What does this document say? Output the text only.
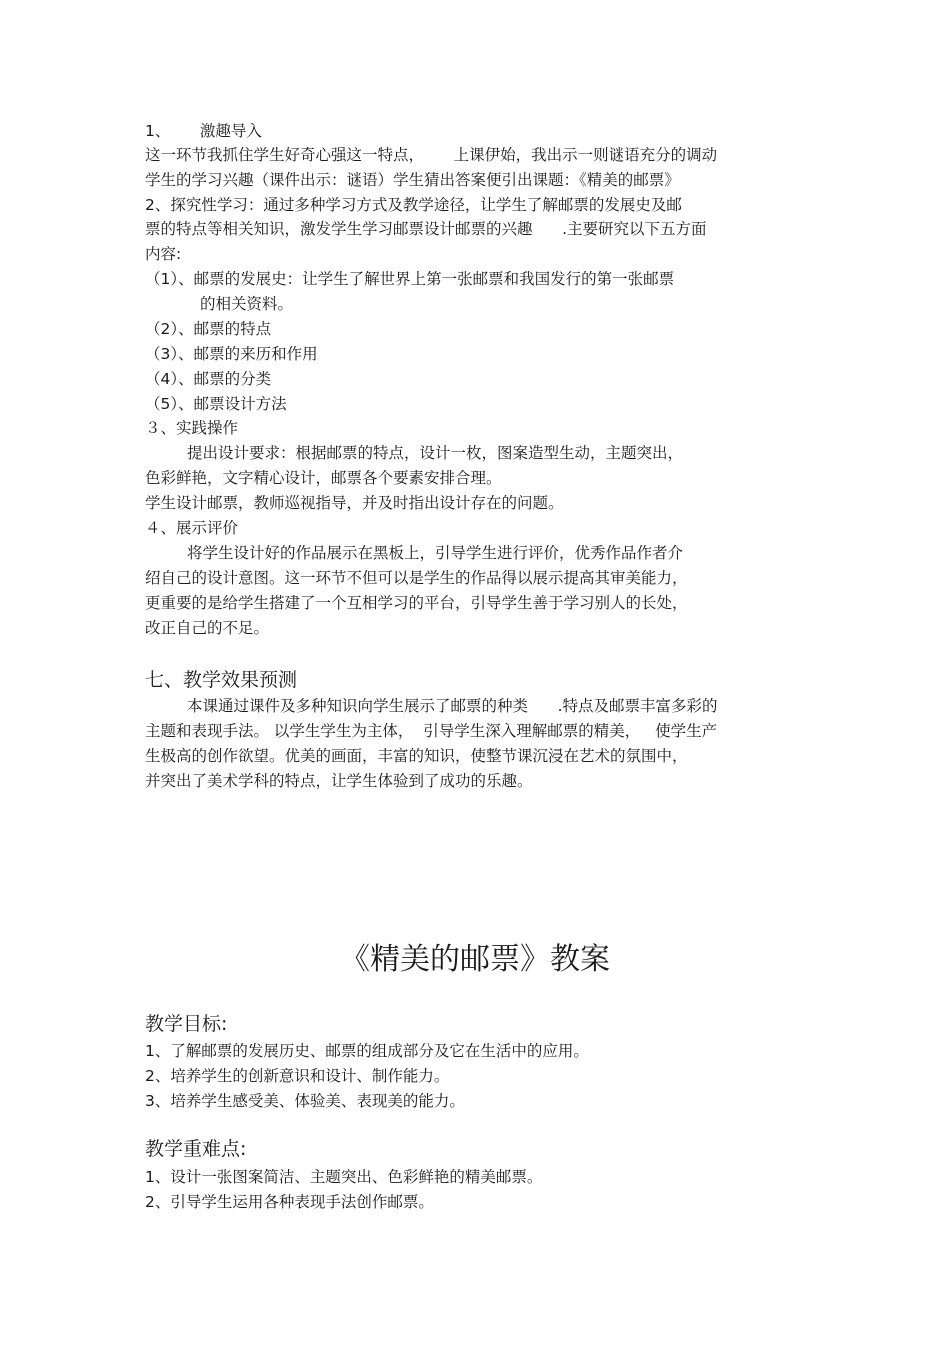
1、      激趣导入
这一环节我抓住学生好奇心强这一特点，      上课伊始，我出示一则谜语充分的调动
学生的学习兴趣（课件出示：谜语）学生猜出答案便引出课题：《精美的邮票》
2、探究性学习：通过多种学习方式及教学途径，让学生了解邮票的发展史及邮
票的特点等相关知识，激发学生学习邮票设计邮票的兴趣      .主要研究以下五方面
内容:
（1）、邮票的发展史：让学生了解世界上第一张邮票和我国发行的第一张邮票
的相关资料。
（2）、邮票的特点
（3）、邮票的来历和作用
（4）、邮票的分类
（5）、邮票设计方法
３、实践操作
提出设计要求：根据邮票的特点，设计一枚，图案造型生动，主题突出，
色彩鲜艳，文字精心设计，邮票各个要素安排合理。
学生设计邮票，教师巡视指导，并及时指出设计存在的问题。
４、展示评价
将学生设计好的作品展示在黑板上，引导学生进行评价，优秀作品作者介
绍自己的设计意图。这一环节不但可以是学生的作品得以展示提高其审美能力，
更重要的是给学生搭建了一个互相学习的平台，引导学生善于学习别人的长处，
改正自己的不足。
七、教学效果预测
本课通过课件及多种知识向学生展示了邮票的种类      .特点及邮票丰富多彩的
主题和表现手法。 以学生学生为主体，  引导学生深入理解邮票的精美，   使学生产
生极高的创作欲望。优美的画面，丰富的知识，使整节课沉浸在艺术的氛围中，
并突出了美术学科的特点，让学生体验到了成功的乐趣。
《精美的邮票》教案
教学目标:
1、了解邮票的发展历史、邮票的组成部分及它在生活中的应用。
2、培养学生的创新意识和设计、制作能力。
3、培养学生感受美、体验美、表现美的能力。
教学重难点:
1、设计一张图案简洁、主题突出、色彩鲜艳的精美邮票。
2、引导学生运用各种表现手法创作邮票。
